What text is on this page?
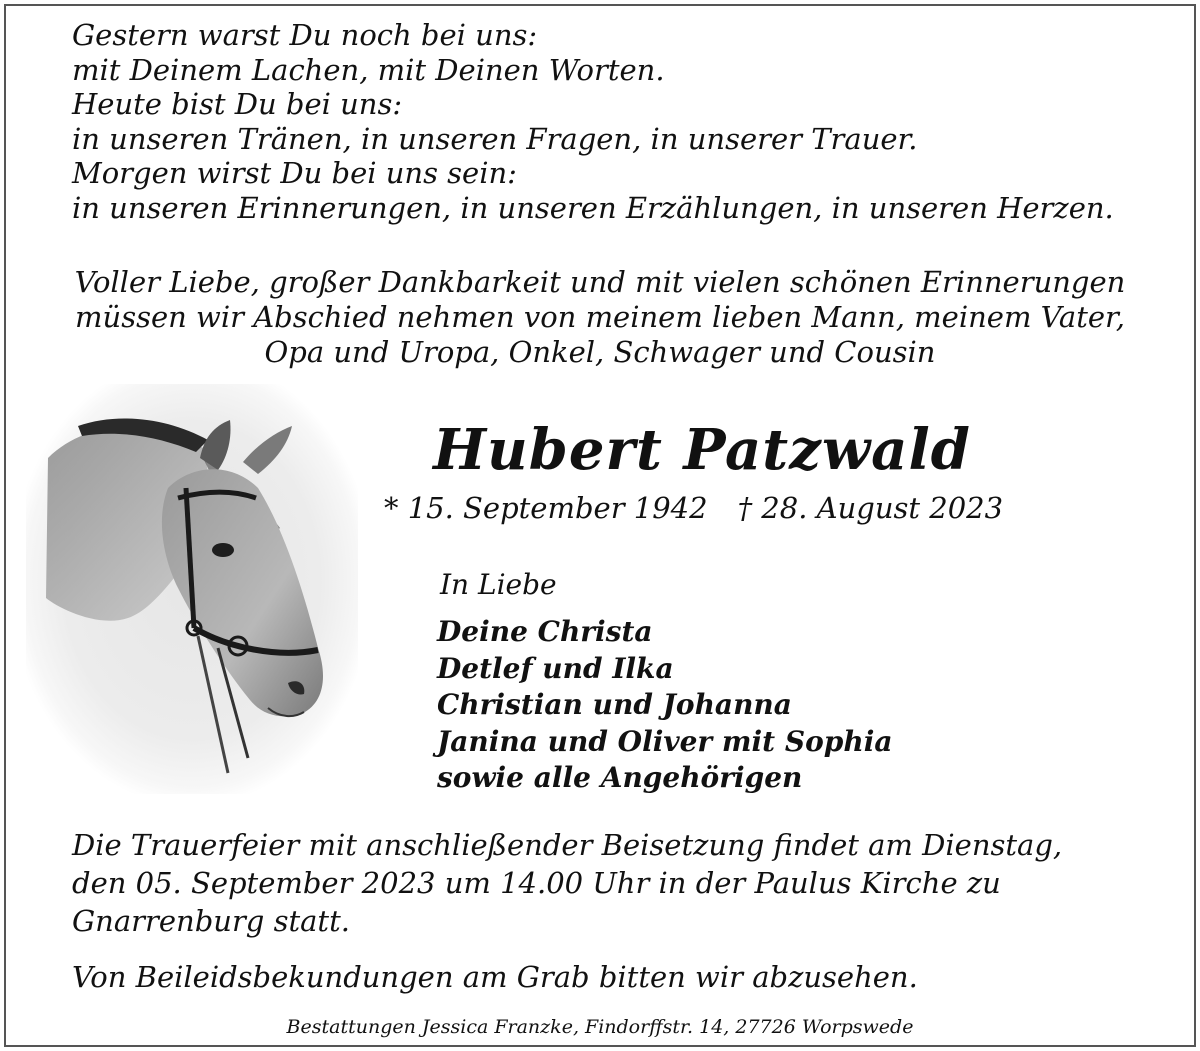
Gestern warst Du noch bei uns:
mit Deinem Lachen, mit Deinen Worten.
Heute bist Du bei uns:
in unseren Tränen, in unseren Fragen, in unserer Trauer.
Morgen wirst Du bei uns sein:
in unseren Erinnerungen, in unseren Erzählungen, in unseren Herzen.
Voller Liebe, großer Dankbarkeit und mit vielen schönen Erinnerungen
müssen wir Abschied nehmen von meinem lieben Mann, meinem Vater,
Opa und Uropa, Onkel, Schwager und Cousin
Hubert Patzwald
* 15. September 1942 † 28. August 2023
In Liebe
Deine Christa
Detlef und Ilka
Christian und Johanna
Janina und Oliver mit Sophia
sowie alle Angehörigen
Die Trauerfeier mit anschließender Beisetzung findet am Dienstag,
den 05. September 2023 um 14.00 Uhr in der Paulus Kirche zu
Gnarrenburg statt.
Von Beileidsbekundungen am Grab bitten wir abzusehen.
Bestattungen Jessica Franzke, Findorffstr. 14, 27726 Worpswede
